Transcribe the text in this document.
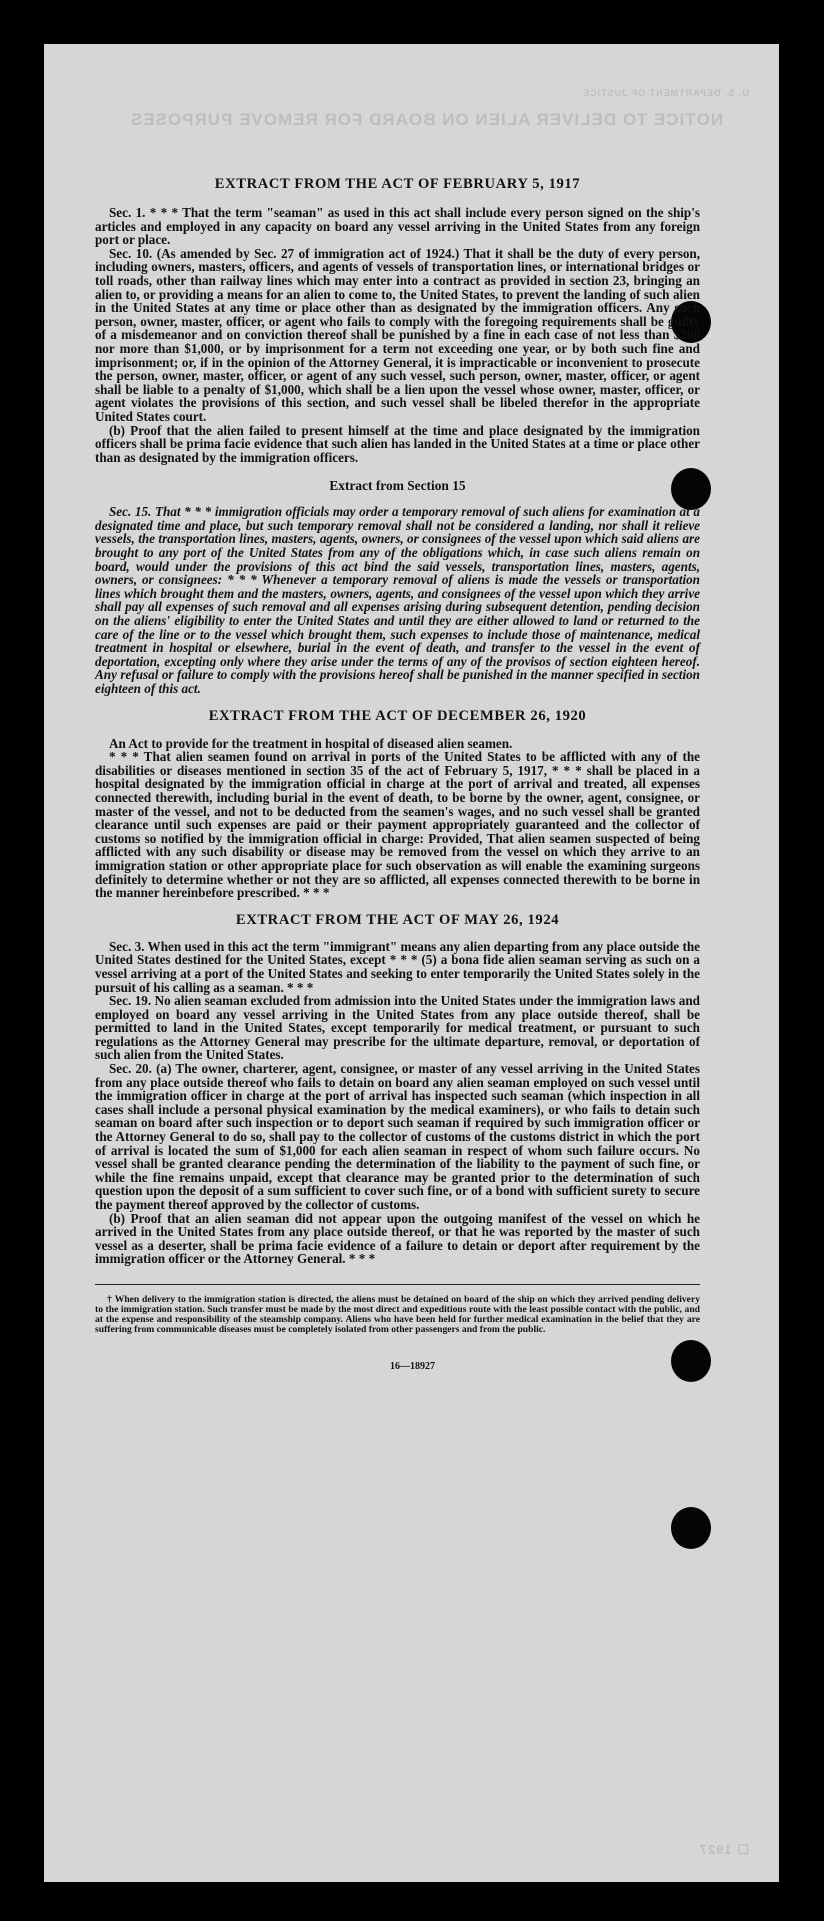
U. S. DEPARTMENT OF JUSTICE
NOTICE TO DELIVER ALIEN ON BOARD FOR REMOVE PURPOSES
☐ 1927
EXTRACT FROM THE ACT OF FEBRUARY 5, 1917

Sec. 1. * * * That the term "seaman" as used in this act shall include every person signed on the ship's articles and employed in any capacity on board any vessel arriving in the United States from any foreign port or place.

Sec. 10. (As amended by Sec. 27 of immigration act of 1924.) That it shall be the duty of every person, including owners, masters, officers, and agents of vessels of transportation lines, or international bridges or toll roads, other than railway lines which may enter into a contract as provided in section 23, bringing an alien to, or providing a means for an alien to come to, the United States, to prevent the landing of such alien in the United States at any time or place other than as designated by the immigration officers. Any such person, owner, master, officer, or agent who fails to comply with the foregoing requirements shall be guilty of a misdemeanor and on conviction thereof shall be punished by a fine in each case of not less than $200 nor more than $1,000, or by imprisonment for a term not exceeding one year, or by both such fine and imprisonment; or, if in the opinion of the Attorney General, it is impracticable or inconvenient to prosecute the person, owner, master, officer, or agent of any such vessel, such person, owner, master, officer, or agent shall be liable to a penalty of $1,000, which shall be a lien upon the vessel whose owner, master, officer, or agent violates the provisions of this section, and such vessel shall be libeled therefor in the appropriate United States court.

(b) Proof that the alien failed to present himself at the time and place designated by the immigration officers shall be prima facie evidence that such alien has landed in the United States at a time or place other than as designated by the immigration officers.

Extract from Section 15

Sec. 15. That * * * immigration officials may order a temporary removal of such aliens for examination at a designated time and place, but such temporary removal shall not be considered a landing, nor shall it relieve vessels, the transportation lines, masters, agents, owners, or consignees of the vessel upon which said aliens are brought to any port of the United States from any of the obligations which, in case such aliens remain on board, would under the provisions of this act bind the said vessels, transportation lines, masters, agents, owners, or consignees: * * * Whenever a temporary removal of aliens is made the vessels or transportation lines which brought them and the masters, owners, agents, and consignees of the vessel upon which they arrive shall pay all expenses of such removal and all expenses arising during subsequent detention, pending decision on the aliens' eligibility to enter the United States and until they are either allowed to land or returned to the care of the line or to the vessel which brought them, such expenses to include those of maintenance, medical treatment in hospital or elsewhere, burial in the event of death, and transfer to the vessel in the event of deportation, excepting only where they arise under the terms of any of the provisos of section eighteen hereof. Any refusal or failure to comply with the provisions hereof shall be punished in the manner specified in section eighteen of this act.

EXTRACT FROM THE ACT OF DECEMBER 26, 1920

An Act to provide for the treatment in hospital of diseased alien seamen.

* * * That alien seamen found on arrival in ports of the United States to be afflicted with any of the disabilities or diseases mentioned in section 35 of the act of February 5, 1917, * * * shall be placed in a hospital designated by the immigration official in charge at the port of arrival and treated, all expenses connected therewith, including burial in the event of death, to be borne by the owner, agent, consignee, or master of the vessel, and not to be deducted from the seamen's wages, and no such vessel shall be granted clearance until such expenses are paid or their payment appropriately guaranteed and the collector of customs so notified by the immigration official in charge: Provided, That alien seamen suspected of being afflicted with any such disability or disease may be removed from the vessel on which they arrive to an immigration station or other appropriate place for such observation as will enable the examining surgeons definitely to determine whether or not they are so afflicted, all expenses connected therewith to be borne in the manner hereinbefore prescribed. * * *

EXTRACT FROM THE ACT OF MAY 26, 1924

Sec. 3. When used in this act the term "immigrant" means any alien departing from any place outside the United States destined for the United States, except * * * (5) a bona fide alien seaman serving as such on a vessel arriving at a port of the United States and seeking to enter temporarily the United States solely in the pursuit of his calling as a seaman. * * *

Sec. 19. No alien seaman excluded from admission into the United States under the immigration laws and employed on board any vessel arriving in the United States from any place outside thereof, shall be permitted to land in the United States, except temporarily for medical treatment, or pursuant to such regulations as the Attorney General may prescribe for the ultimate departure, removal, or deportation of such alien from the United States.

Sec. 20. (a) The owner, charterer, agent, consignee, or master of any vessel arriving in the United States from any place outside thereof who fails to detain on board any alien seaman employed on such vessel until the immigration officer in charge at the port of arrival has inspected such seaman (which inspection in all cases shall include a personal physical examination by the medical examiners), or who fails to detain such seaman on board after such inspection or to deport such seaman if required by such immigration officer or the Attorney General to do so, shall pay to the collector of customs of the customs district in which the port of arrival is located the sum of $1,000 for each alien seaman in respect of whom such failure occurs. No vessel shall be granted clearance pending the determination of the liability to the payment of such fine, or while the fine remains unpaid, except that clearance may be granted prior to the determination of such question upon the deposit of a sum sufficient to cover such fine, or of a bond with sufficient surety to secure the payment thereof approved by the collector of customs.

(b) Proof that an alien seaman did not appear upon the outgoing manifest of the vessel on which he arrived in the United States from any place outside thereof, or that he was reported by the master of such vessel as a deserter, shall be prima facie evidence of a failure to detain or deport after requirement by the immigration officer or the Attorney General. * * *

† When delivery to the immigration station is directed, the aliens must be detained on board of the ship on which they arrived pending delivery to the immigration station. Such transfer must be made by the most direct and expeditious route with the least possible contact with the public, and at the expense and responsibility of the steamship company. Aliens who have been held for further medical examination in the belief that they are suffering from communicable diseases must be completely isolated from other passengers and from the public.

16—18927
